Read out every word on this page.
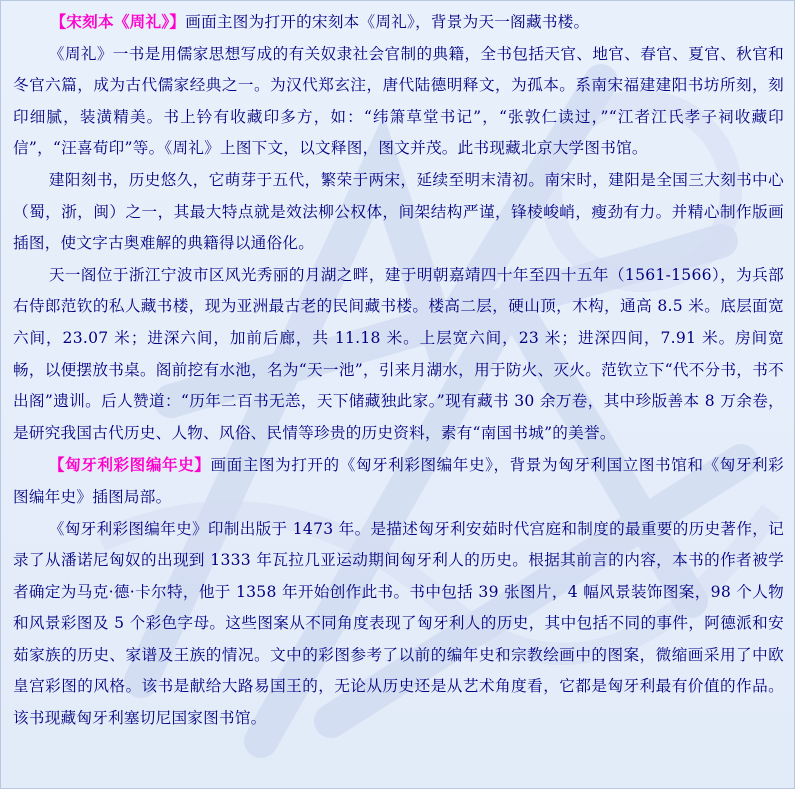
【宋刻本《周礼》】画面主图为打开的宋刻本《周礼》，背景为天一阁藏书楼。

《周礼》一书是用儒家思想写成的有关奴隶社会官制的典籍，全书包括天官、地官、春官、夏官、秋官和冬官六篇，成为古代儒家经典之一。为汉代郑玄注，唐代陆德明释文，为孤本。系南宋福建建阳书坊所刻，刻印细腻，装潢精美。书上钤有收藏印多方，如：“纬箫草堂书记”，“张敦仁读过，”“江者江氏孝子祠收藏印信”，“汪喜荀印”等。《周礼》上图下文，以文释图，图文并茂。此书现藏北京大学图书馆。

建阳刻书，历史悠久，它萌芽于五代，繁荣于两宋，延续至明末清初。南宋时，建阳是全国三大刻书中心（蜀，浙，闽）之一，其最大特点就是效法柳公权体，间架结构严谨，锋棱峻峭，瘦劲有力。并精心制作版画插图，使文字古奥难解的典籍得以通俗化。

天一阁位于浙江宁波市区风光秀丽的月湖之畔，建于明朝嘉靖四十年至四十五年（1561-1566），为兵部右侍郎范钦的私人藏书楼，现为亚洲最古老的民间藏书楼。楼高二层，硬山顶，木构，通高 8.5 米。底层面宽六间，23.07 米；进深六间，加前后廊，共 11.18 米。上层宽六间，23 米；进深四间，7.91 米。房间宽畅，以便摆放书桌。阁前挖有水池，名为“天一池”，引来月湖水，用于防火、灭火。范钦立下“代不分书，书不出阁”遗训。后人赞道：“历年二百书无恙，天下储藏独此家。”现有藏书 30 余万卷，其中珍版善本 8 万余卷，是研究我国古代历史、人物、风俗、民情等珍贵的历史资料，素有“南国书城”的美誉。

【匈牙利彩图编年史】画面主图为打开的《匈牙利彩图编年史》，背景为匈牙利国立图书馆和《匈牙利彩图编年史》插图局部。

《匈牙利彩图编年史》印制出版于 1473 年。是描述匈牙利安茹时代宫庭和制度的最重要的历史著作，记录了从潘诺尼匈奴的出现到 1333 年瓦拉几亚运动期间匈牙利人的历史。根据其前言的内容，本书的作者被学者确定为马克·德·卡尔特，他于 1358 年开始创作此书。书中包括 39 张图片，4 幅风景装饰图案，98 个人物和风景彩图及 5 个彩色字母。这些图案从不同角度表现了匈牙利人的历史，其中包括不同的事件，阿德派和安茹家族的历史、家谱及王族的情况。文中的彩图参考了以前的编年史和宗教绘画中的图案，微缩画采用了中欧皇宫彩图的风格。该书是献给大路易国王的，无论从历史还是从艺术角度看，它都是匈牙利最有价值的作品。该书现藏匈牙利塞切尼国家图书馆。
